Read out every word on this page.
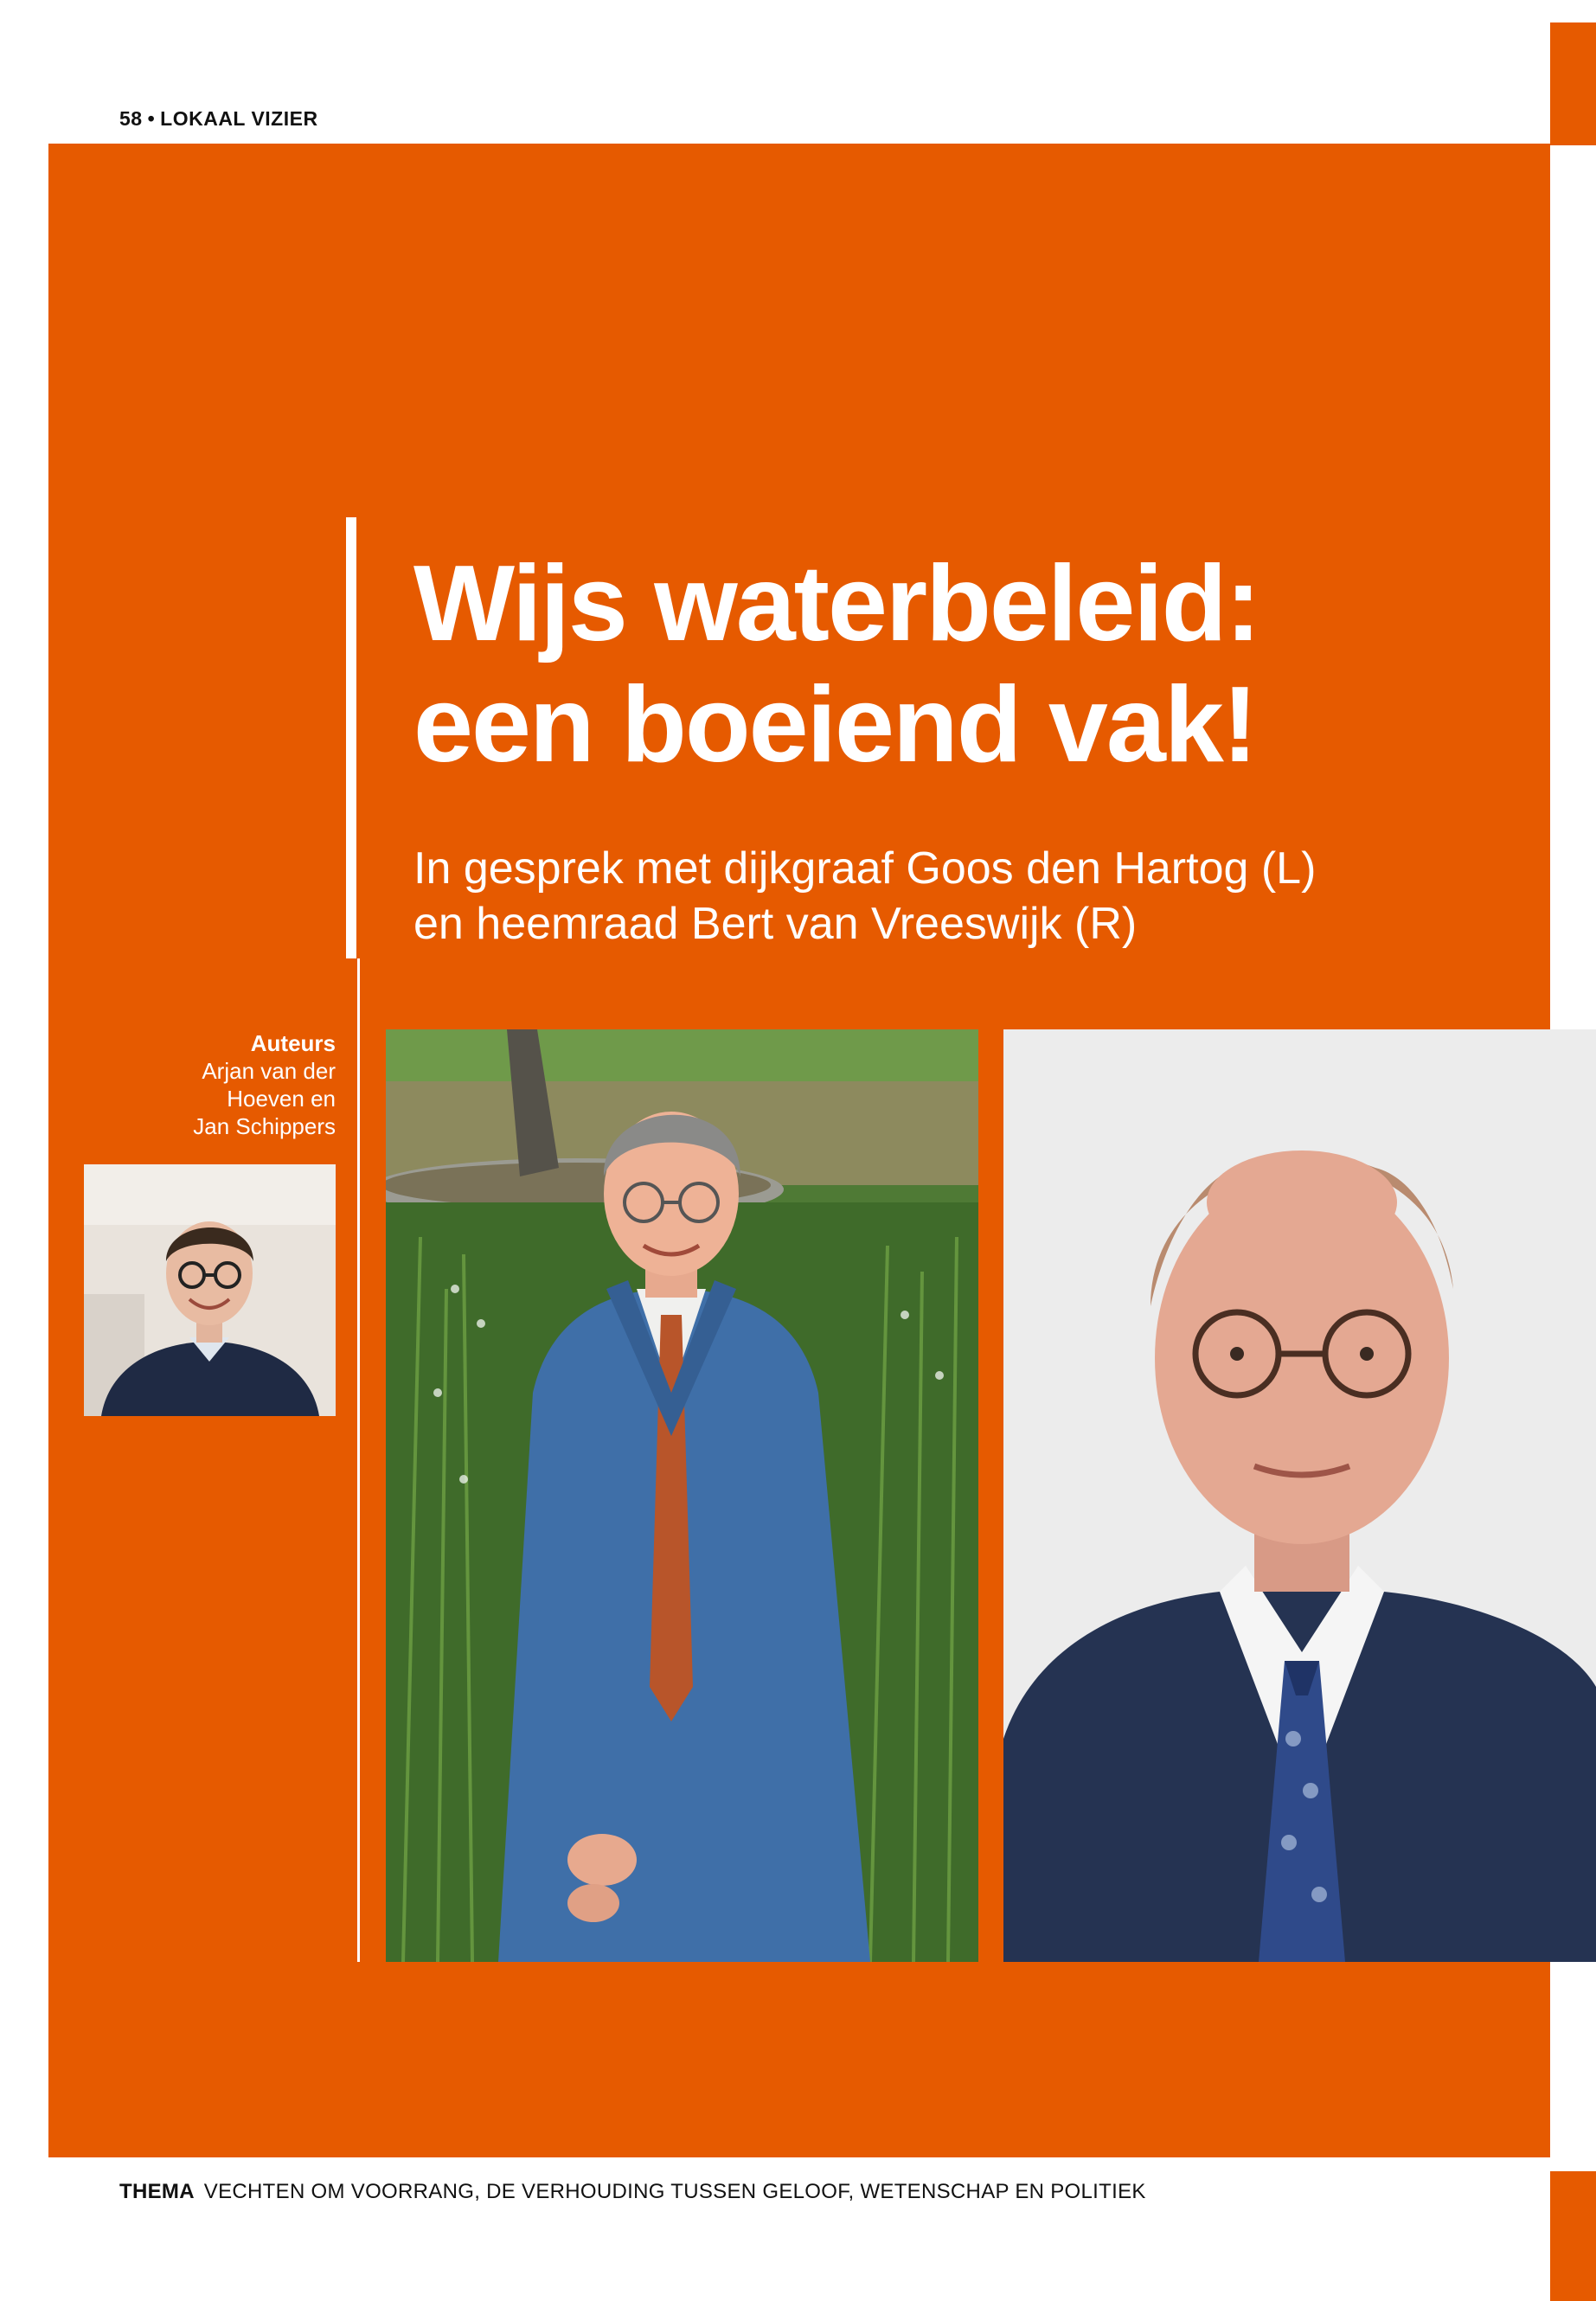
58 • LOKAAL VIZIER
Wijs waterbeleid:
een boeiend vak!
In gesprek met dijkgraaf Goos den Hartog (L)
en heemraad Bert van Vreeswijk (R)
Auteurs
Arjan van der
Hoeven en
Jan Schippers
THEMA VECHTEN OM VOORRANG, DE VERHOUDING TUSSEN GELOOF, WETENSCHAP EN POLITIEK
